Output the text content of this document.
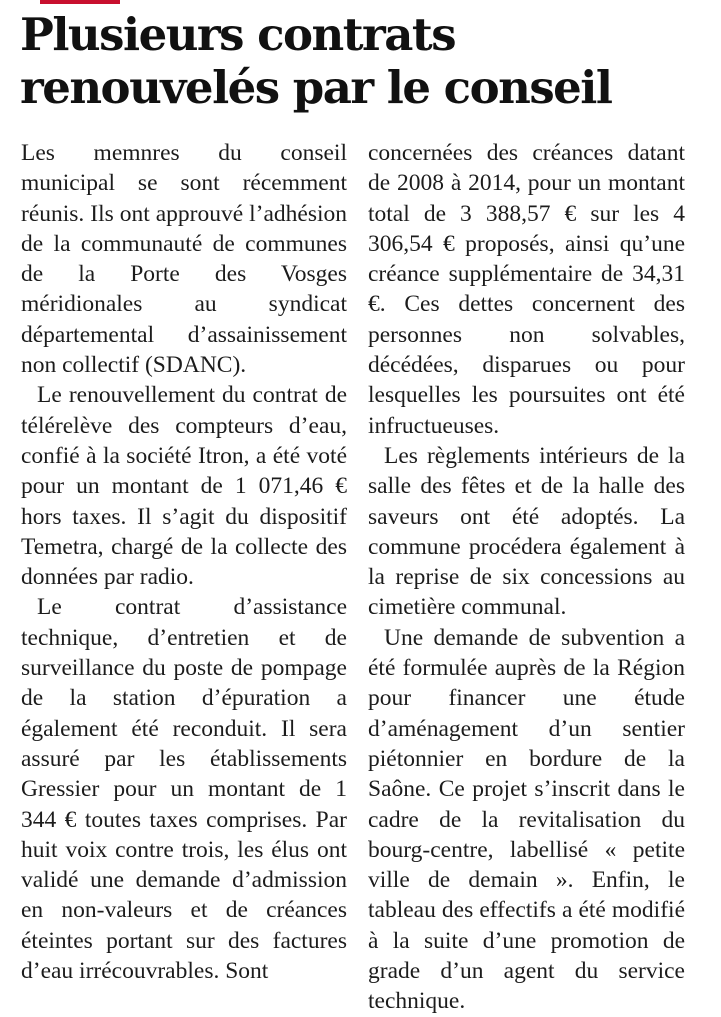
Plusieurs contrats renouvelés par le conseil

Les memnres du conseil municipal se sont récemment réunis. Ils ont approuvé l’adhésion de la communauté de communes de la Porte des Vosges méridionales au syndicat départemental d’assainissement non collectif (SDANC).

Le renouvellement du contrat de télérelève des compteurs d’eau, confié à la société Itron, a été voté pour un montant de 1 071,46 € hors taxes. Il s’agit du dispositif Temetra, chargé de la collecte des données par radio.

Le contrat d’assistance technique, d’entretien et de surveillance du poste de pompage de la station d’épuration a également été reconduit. Il sera assuré par les établissements Gressier pour un montant de 1 344 € toutes taxes comprises. Par huit voix contre trois, les élus ont validé une demande d’admission en non-valeurs et de créances éteintes portant sur des factures d’eau irrécouvrables. Sont

concernées des créances datant de 2008 à 2014, pour un montant total de 3 388,57 € sur les 4 306,54 € proposés, ainsi qu’une créance supplémentaire de 34,31 €. Ces dettes concernent des personnes non solvables, décédées, disparues ou pour lesquelles les poursuites ont été infructueuses.

Les règlements intérieurs de la salle des fêtes et de la halle des saveurs ont été adoptés. La commune procédera également à la reprise de six concessions au cimetière communal.

Une demande de subvention a été formulée auprès de la Région pour financer une étude d’aménagement d’un sentier piétonnier en bordure de la Saône. Ce projet s’inscrit dans le cadre de la revitalisation du bourg-centre, labellisé « petite ville de demain ». Enfin, le tableau des effectifs a été modifié à la suite d’une promotion de grade d’un agent du service technique.
